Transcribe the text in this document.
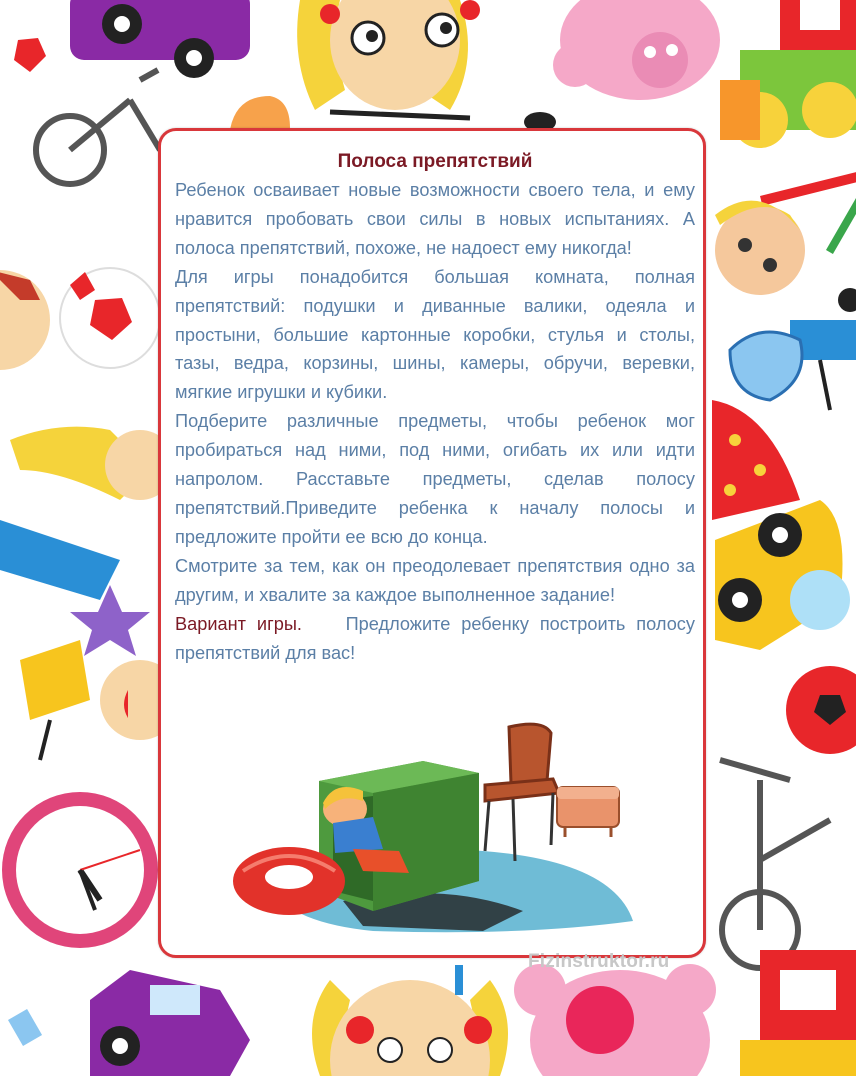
Полоса препятствий

Ребенок осваивает новые возможности своего тела, и ему нравится пробовать свои силы в новых испытаниях. А полоса препятствий, похоже, не надоест ему никогда!

Для игры понадобится большая комната, полная препятствий: подушки и диванные валики, одеяла и простыни, большие картонные коробки, стулья и столы, тазы, ведра, корзины, шины, камеры, обручи, веревки, мягкие игрушки и кубики.

Подберите различные предметы, чтобы ребенок мог пробираться над ними, под ними, огибать их или идти напролом. Расставьте предметы, сделав полосу препятствий.Приведите ребенка к началу полосы и предложите пройти ее всю до конца.

Смотрите за тем, как он преодолевает препятствия одно за другим, и хвалите за каждое выполненное задание!

Вариант игры. Предложите ребенку построить полосу препятствий для вас!

Fizinstruktor.ru
